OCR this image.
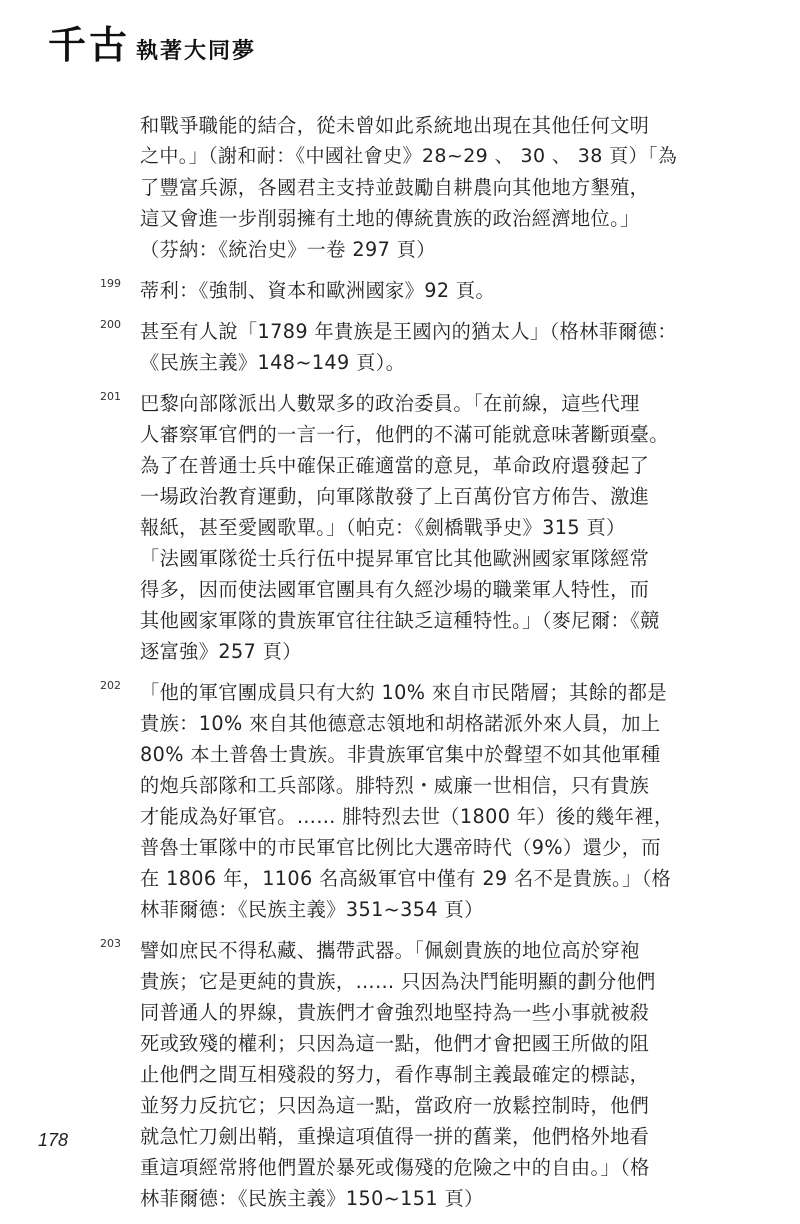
千古 執著大同夢
和戰爭職能的結合，從未曾如此系統地出現在其他任何文明
之中。」（謝和耐：《中國社會史》28~29 、 30 、 38 頁）「為
了豐富兵源，各國君主支持並鼓勵自耕農向其他地方墾殖，
這又會進一步削弱擁有土地的傳統貴族的政治經濟地位。」
（芬納：《統治史》一卷 297 頁）
199 蒂利：《強制、資本和歐洲國家》92 頁。
200 甚至有人說「1789 年貴族是王國內的猶太人」（格林菲爾德：
《民族主義》148~149 頁）。
201 巴黎向部隊派出人數眾多的政治委員。「在前線，這些代理
人審察軍官們的一言一行，他們的不滿可能就意味著斷頭臺。
為了在普通士兵中確保正確適當的意見，革命政府還發起了
一場政治教育運動，向軍隊散發了上百萬份官方佈告、激進
報紙，甚至愛國歌單。」（帕克：《劍橋戰爭史》315 頁）
「法國軍隊從士兵行伍中提昇軍官比其他歐洲國家軍隊經常
得多，因而使法國軍官團具有久經沙場的職業軍人特性，而
其他國家軍隊的貴族軍官往往缺乏這種特性。」（麥尼爾：《競
逐富強》257 頁）
202 「他的軍官團成員只有大約 10% 來自市民階層；其餘的都是
貴族：10% 來自其他德意志領地和胡格諾派外來人員，加上
80% 本土普魯士貴族。非貴族軍官集中於聲望不如其他軍種
的炮兵部隊和工兵部隊。腓特烈・威廉一世相信，只有貴族
才能成為好軍官。…… 腓特烈去世（1800 年）後的幾年裡，
普魯士軍隊中的市民軍官比例比大選帝時代（9%）還少，而
在 1806 年，1106 名高級軍官中僅有 29 名不是貴族。」（格
林菲爾德：《民族主義》351~354 頁）
203 譬如庶民不得私藏、攜帶武器。「佩劍貴族的地位高於穿袍
貴族；它是更純的貴族，…… 只因為決鬥能明顯的劃分他們
同普通人的界線，貴族們才會強烈地堅持為一些小事就被殺
死或致殘的權利；只因為這一點，他們才會把國王所做的阻
止他們之間互相殘殺的努力，看作專制主義最確定的標誌，
並努力反抗它；只因為這一點，當政府一放鬆控制時，他們
就急忙刀劍出鞘，重操這項值得一拼的舊業，他們格外地看
重這項經常將他們置於暴死或傷殘的危險之中的自由。」（格
林菲爾德：《民族主義》150~151 頁）
178
